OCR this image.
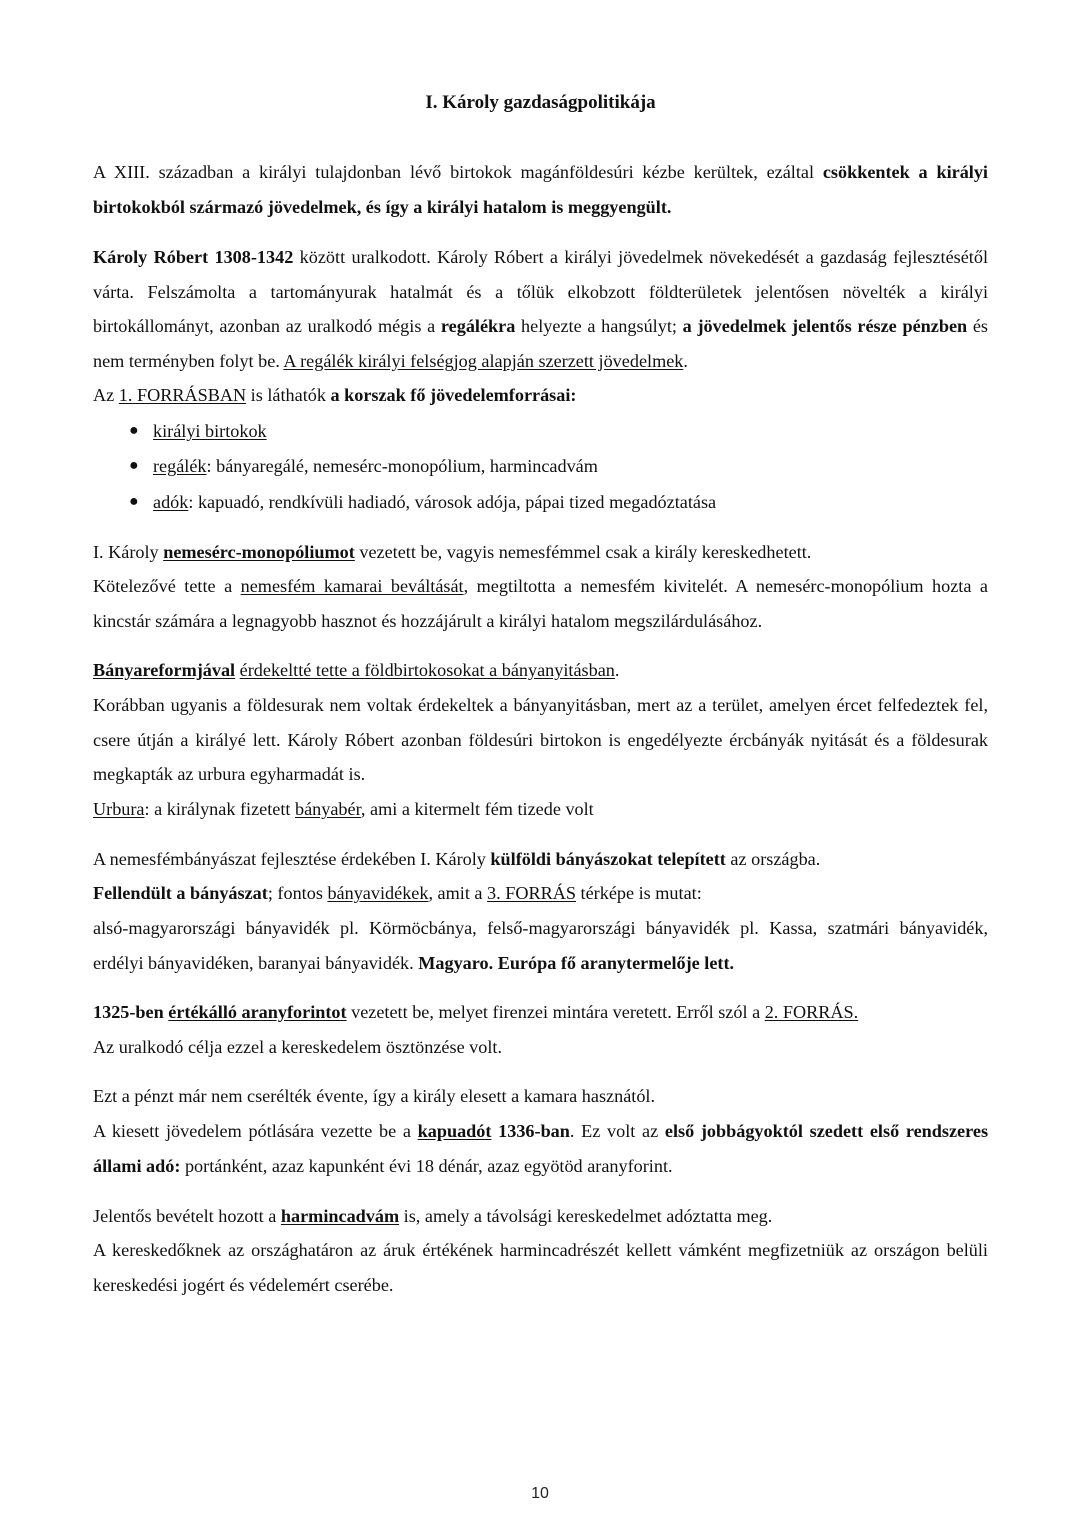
I. Károly gazdaságpolitikája
A XIII. században a királyi tulajdonban lévő birtokok magánföldesúri kézbe kerültek, ezáltal csökkentek a királyi birtokokból származó jövedelmek, és így a királyi hatalom is meggyengült.
Károly Róbert 1308-1342 között uralkodott. Károly Róbert a királyi jövedelmek növekedését a gazdaság fejlesztésétől várta. Felszámolta a tartományurak hatalmát és a tőlük elkobzott földterületek jelentősen növelték a királyi birtokállományt, azonban az uralkodó mégis a regálékra helyezte a hangsúlyt; a jövedelmek jelentős része pénzben és nem terményben folyt be. A regálék királyi felségjog alapján szerzett jövedelmek.
Az 1. FORRÁSBAN is láthatók a korszak fő jövedelemforrásai:
● királyi birtokok
● regálék: bányaregálé, nemesérc-monopólium, harmincadvám
● adók: kapuadó, rendkívüli hadiadó, városok adója, pápai tized megadóztatása
I. Károly nemesérc-monopóliumot vezetett be, vagyis nemesfémmel csak a király kereskedhetett.
Kötelezővé tette a nemesfém kamarai beváltását, megtiltotta a nemesfém kivitelét. A nemesérc-monopólium hozta a kincstár számára a legnagyobb hasznot és hozzájárult a királyi hatalom megszilárdulásához.
Bányareformjával érdekeltté tette a földbirtokosokat a bányanyitásban.
Korábban ugyanis a földesurak nem voltak érdekeltek a bányanyitásban, mert az a terület, amelyen ércet felfedeztek fel, csere útján a királyé lett. Károly Róbert azonban földesúri birtokon is engedélyezte ércbányák nyitását és a földesurak megkapták az urbura egyharmadát is.
Urbura: a királynak fizetett bányabér, ami a kitermelt fém tizede volt
A nemesfémbányászat fejlesztése érdekében I. Károly külföldi bányászokat telepített az országba.
Fellendült a bányászat; fontos bányavidékek, amit a 3. FORRÁS térképe is mutat:
alsó-magyarországi bányavidék pl. Körmöcbánya, felső-magyarországi bányavidék pl. Kassa, szatmári bányavidék, erdélyi bányavidéken, baranyai bányavidék. Magyaro. Európa fő aranytermelője lett.
1325-ben értékálló aranyforintot vezetett be, melyet firenzei mintára veretett. Erről szól a 2. FORRÁS.
Az uralkodó célja ezzel a kereskedelem ösztönzése volt.
Ezt a pénzt már nem cserélték évente, így a király elesett a kamara hasznától.
A kiesett jövedelem pótlására vezette be a kapuadót 1336-ban. Ez volt az első jobbágyoktól szedett első rendszeres állami adó: portánként, azaz kapunként évi 18 dénár, azaz egyötöd aranyforint.
Jelentős bevételt hozott a harmincadvám is, amely a távolsági kereskedelmet adóztatta meg.
A kereskedőknek az országhatáron az áruk értékének harmincadrészét kellett vámként megfizetniük az országon belüli kereskedési jogért és védelemért cserébe.
10
